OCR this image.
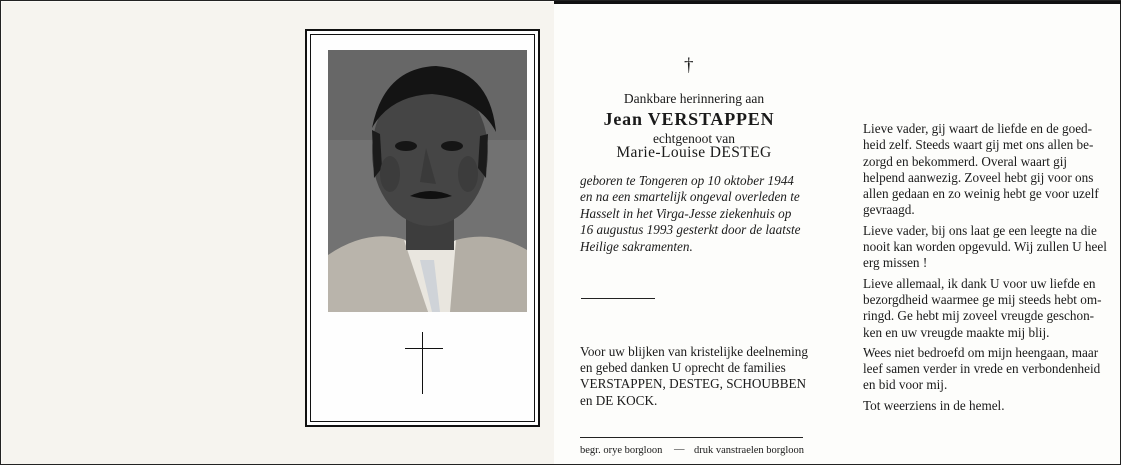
†
Dankbare herinnering aan
Jean VERSTAPPEN
echtgenoot van
Marie-Louise DESTEG
geboren te Tongeren op 10 oktober 1944
en na een smartelijk ongeval overleden te
Hasselt in het Virga-Jesse ziekenhuis op
16 augustus 1993 gesterkt door de laatste
Heilige sakramenten.
Voor uw blijken van kristelijke deelneming
en gebed danken U oprecht de families
VERSTAPPEN, DESTEG, SCHOUBBEN
en DE KOCK.
begr. orye borgloon — druk vanstraelen borgloon
Lieve vader, gij waart de liefde en de goed-
heid zelf. Steeds waart gij met ons allen be-
zorgd en bekommerd. Overal waart gij
helpend aanwezig. Zoveel hebt gij voor ons
allen gedaan en zo weinig hebt ge voor uzelf
gevraagd.
Lieve vader, bij ons laat ge een leegte na die
nooit kan worden opgevuld. Wij zullen U heel
erg missen !
Lieve allemaal, ik dank U voor uw liefde en
bezorgdheid waarmee ge mij steeds hebt om-
ringd. Ge hebt mij zoveel vreugde geschon-
ken en uw vreugde maakte mij blij.
Wees niet bedroefd om mijn heengaan, maar
leef samen verder in vrede en verbondenheid
en bid voor mij.
Tot weerziens in de hemel.
